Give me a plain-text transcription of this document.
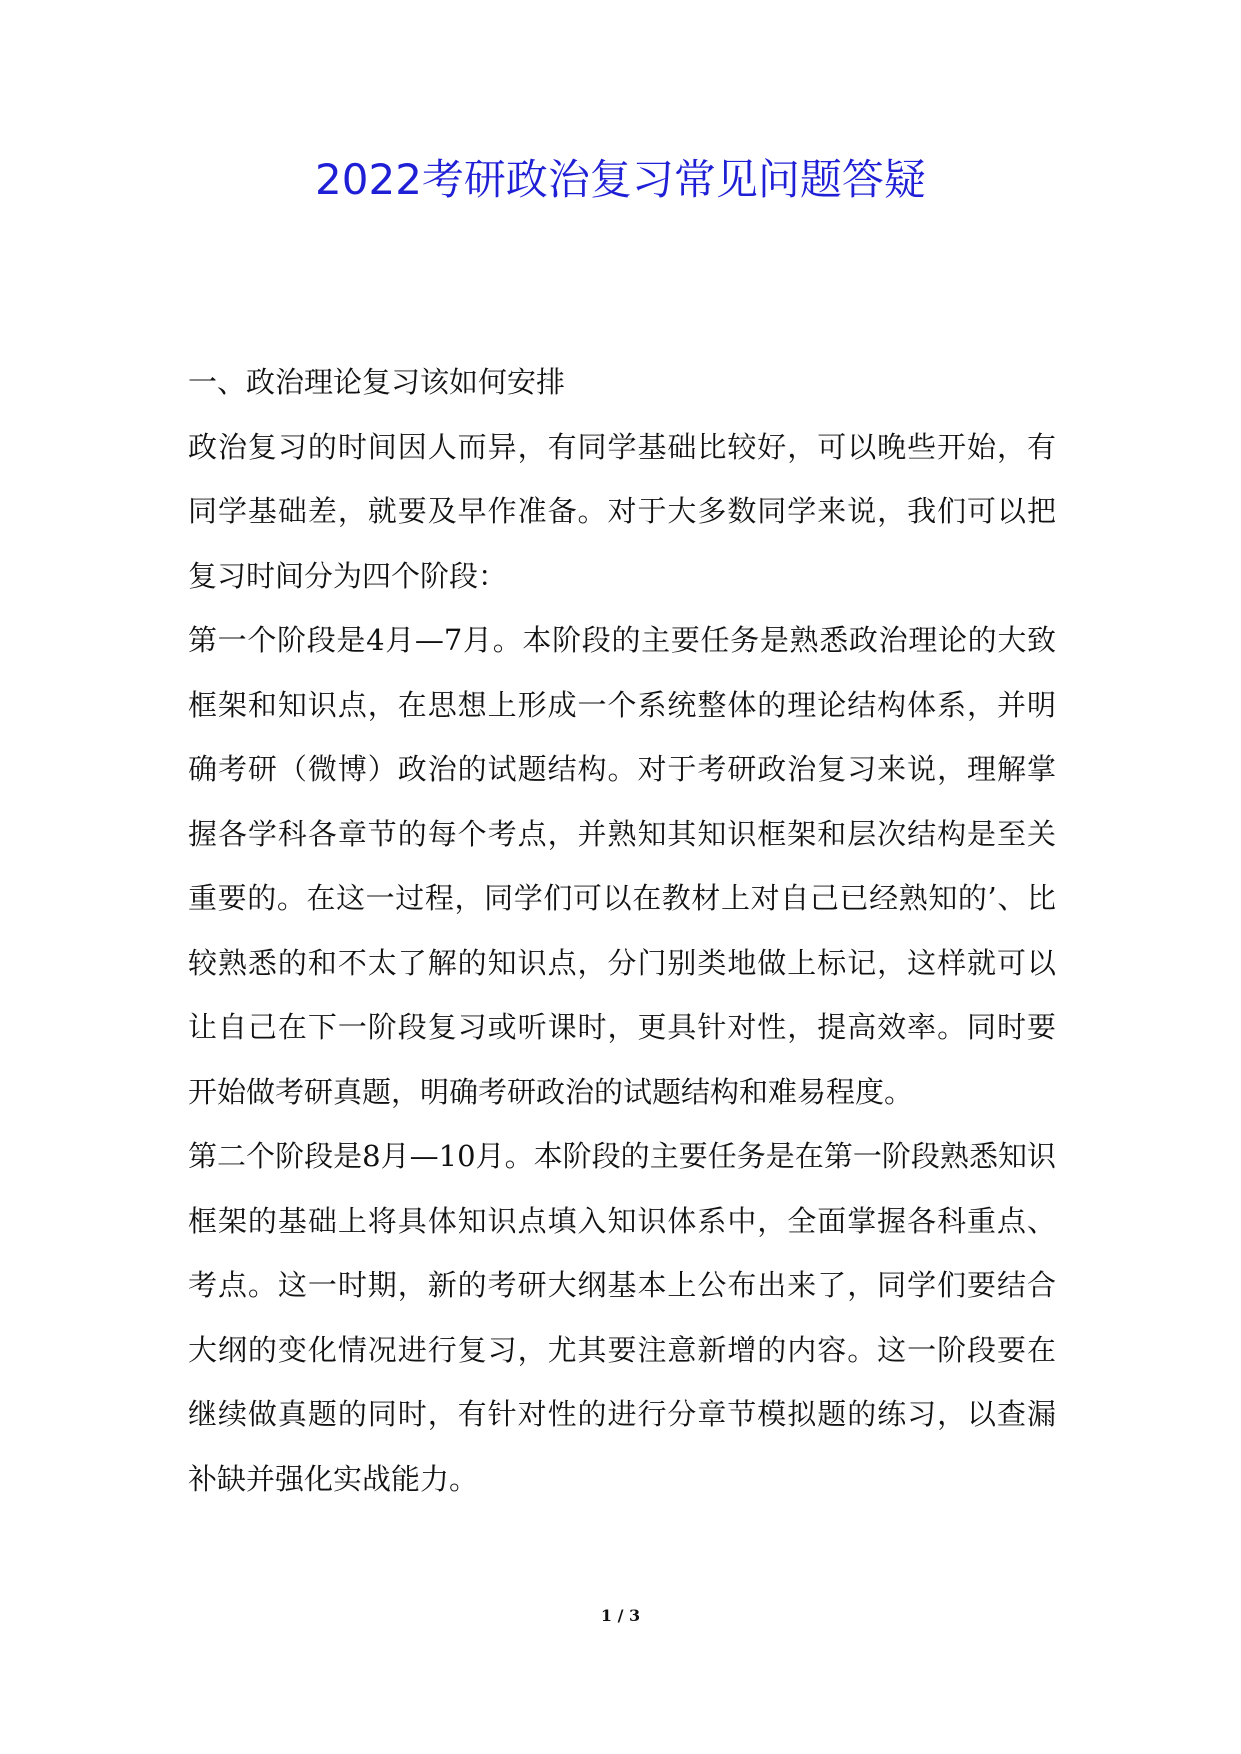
2022考研政治复习常见问题答疑

一、政治理论复习该如何安排

政治复习的时间因人而异，有同学基础比较好，可以晚些开始，有同学基础差，就要及早作准备。对于大多数同学来说，我们可以把复习时间分为四个阶段：

第一个阶段是4月—7月。本阶段的主要任务是熟悉政治理论的大致框架和知识点，在思想上形成一个系统整体的理论结构体系，并明确考研（微博）政治的试题结构。对于考研政治复习来说，理解掌握各学科各章节的每个考点，并熟知其知识框架和层次结构是至关重要的。在这一过程，同学们可以在教材上对自己已经熟知的’、比较熟悉的和不太了解的知识点，分门别类地做上标记，这样就可以让自己在下一阶段复习或听课时，更具针对性，提高效率。同时要开始做考研真题，明确考研政治的试题结构和难易程度。

第二个阶段是8月—10月。本阶段的主要任务是在第一阶段熟悉知识框架的基础上将具体知识点填入知识体系中，全面掌握各科重点、考点。这一时期，新的考研大纲基本上公布出来了，同学们要结合大纲的变化情况进行复习，尤其要注意新增的内容。这一阶段要在继续做真题的同时，有针对性的进行分章节模拟题的练习，以查漏补缺并强化实战能力。

1 / 3
